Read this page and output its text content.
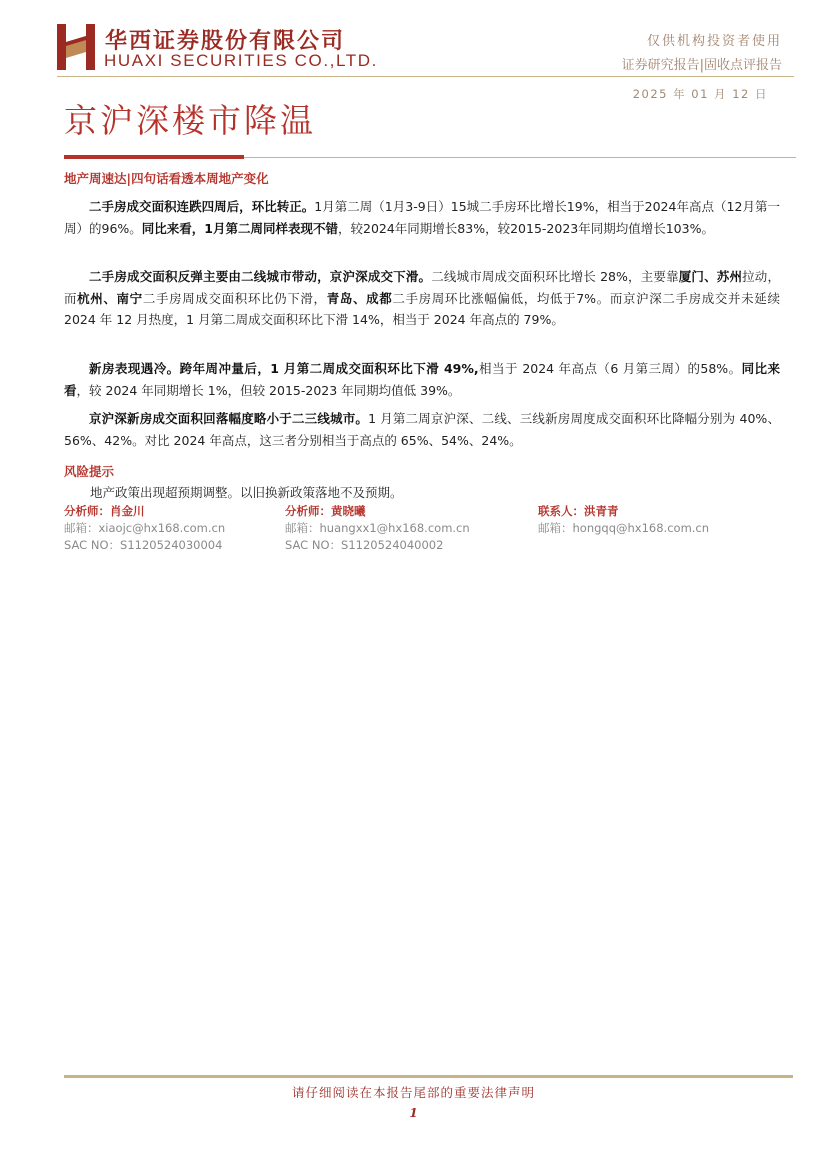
华西证券股份有限公司
HUAXI SECURITIES CO.,LTD.
仅供机构投资者使用
证券研究报告|固收点评报告
2025 年 01 月 12 日
京沪深楼市降温
地产周速达|四句话看透本周地产变化

二手房成交面积连跌四周后，环比转正。1月第二周（1月3-9日）15城二手房环比增长19%，相当于2024年高点（12月第一周）的96%。同比来看，1月第二周同样表现不错，较2024年同期增长83%，较2015-2023年同期均值增长103%。

二手房成交面积反弹主要由二线城市带动，京沪深成交下滑。二线城市周成交面积环比增长 28%，主要靠厦门、苏州拉动，而杭州、南宁二手房周成交面积环比仍下滑，青岛、成都二手房周环比涨幅偏低，均低于7%。而京沪深二手房成交并未延续 2024 年 12 月热度，1 月第二周成交面积环比下滑 14%，相当于 2024 年高点的 79%。

新房表现遇冷。跨年周冲量后，1 月第二周成交面积环比下滑 49%,相当于 2024 年高点（6 月第三周）的58%。同比来看，较 2024 年同期增长 1%，但较 2015-2023 年同期均值低 39%。

京沪深新房成交面积回落幅度略小于二三线城市。1 月第二周京沪深、二线、三线新房周度成交面积环比降幅分别为 40%、56%、42%。对比 2024 年高点，这三者分别相当于高点的 65%、54%、24%。

风险提示
地产政策出现超预期调整。以旧换新政策落地不及预期。
分析师：肖金川
邮箱：xiaojc@hx168.com.cn
SAC NO：S1120524030004
分析师：黄晓曦
邮箱：huangxx1@hx168.com.cn
SAC NO：S1120524040002
联系人：洪青青
邮箱：hongqq@hx168.com.cn
请仔细阅读在本报告尾部的重要法律声明
1
